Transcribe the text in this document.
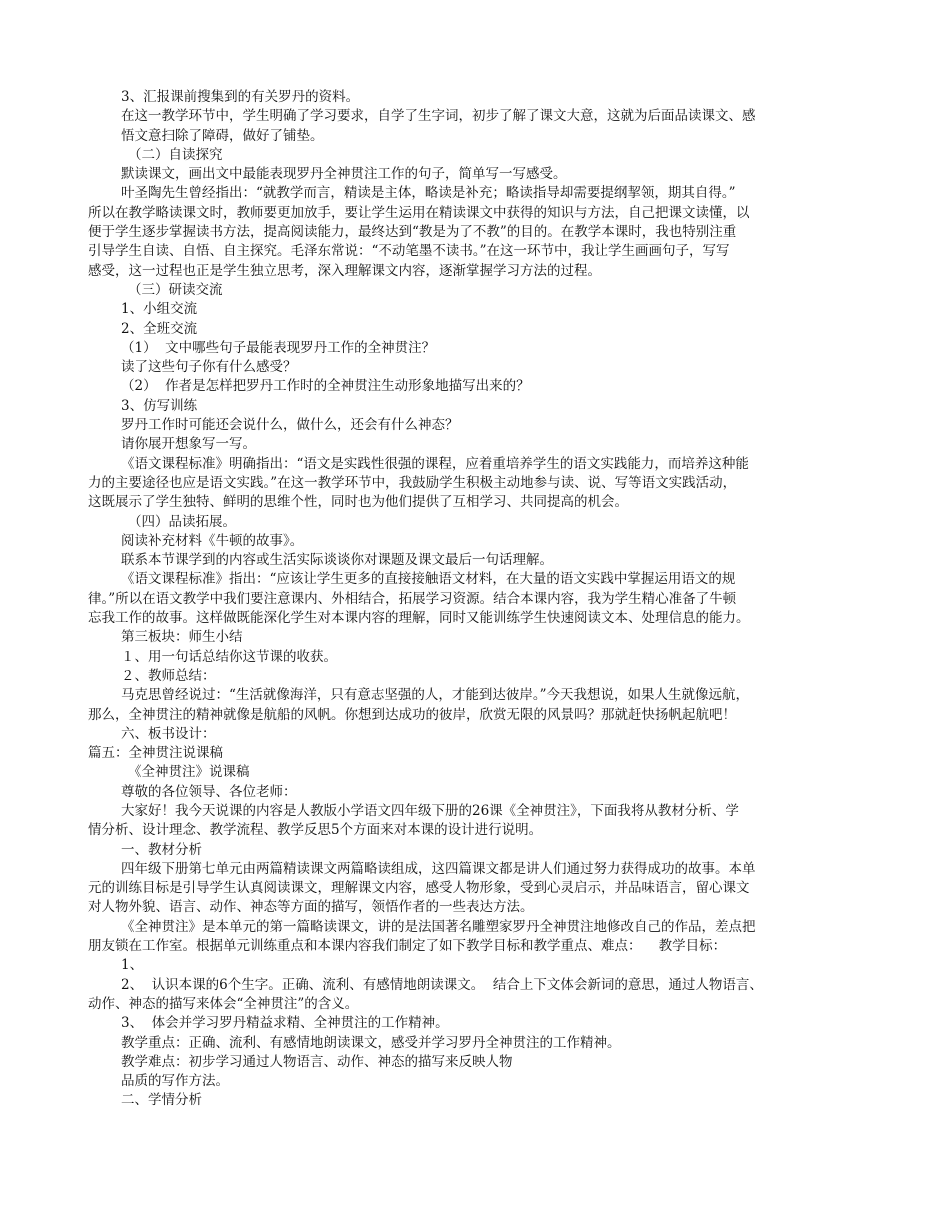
3、汇报课前搜集到的有关罗丹的资料。

在这一教学环节中，学生明确了学习要求，自学了生字词，初步了解了课文大意，这就为后面品读课文、感

悟文意扫除了障碍，做好了铺垫。

（二）自读探究

默读课文，画出文中最能表现罗丹全神贯注工作的句子，简单写一写感受。

叶圣陶先生曾经指出：“就教学而言，精读是主体，略读是补充；略读指导却需要提纲挈领，期其自得。”

所以在教学略读课文时，教师要更加放手，要让学生运用在精读课文中获得的知识与方法，自己把课文读懂，以

便于学生逐步掌握读书方法，提高阅读能力，最终达到“教是为了不教”的目的。在教学本课时，我也特别注重

引导学生自读、自悟、自主探究。毛泽东常说：“不动笔墨不读书。”在这一环节中，我让学生画画句子，写写

感受，这一过程也正是学生独立思考，深入理解课文内容，逐渐掌握学习方法的过程。

（三）研读交流

1、小组交流

2、全班交流

（1）  文中哪些句子最能表现罗丹工作的全神贯注？

读了这些句子你有什么感受？

（2）  作者是怎样把罗丹工作时的全神贯注生动形象地描写出来的？

3、仿写训练

罗丹工作时可能还会说什么，做什么，还会有什么神态？

请你展开想象写一写。

《语文课程标准》明确指出：“语文是实践性很强的课程，应着重培养学生的语文实践能力，而培养这种能

力的主要途径也应是语文实践。”在这一教学环节中，我鼓励学生积极主动地参与读、说、写等语文实践活动，

这既展示了学生独特、鲜明的思维个性，同时也为他们提供了互相学习、共同提高的机会。

（四）品读拓展。

阅读补充材料《牛顿的故事》。

联系本节课学到的内容或生活实际谈谈你对课题及课文最后一句话理解。

《语文课程标准》指出：“应该让学生更多的直接接触语文材料，在大量的语文实践中掌握运用语文的规

律。”所以在语文教学中我们要注意课内、外相结合，拓展学习资源。结合本课内容，我为学生精心准备了牛顿

忘我工作的故事。这样做既能深化学生对本课内容的理解，同时又能训练学生快速阅读文本、处理信息的能力。

第三板块：师生小结

１、用一句话总结你这节课的收获。

２、教师总结：

马克思曾经说过：“生活就像海洋，只有意志坚强的人，才能到达彼岸。”今天我想说，如果人生就像远航，

那么，全神贯注的精神就像是航船的风帆。你想到达成功的彼岸，欣赏无限的风景吗？那就赶快扬帆起航吧！

六、板书设计：

篇五：全神贯注说课稿

《全神贯注》说课稿

尊敬的各位领导、各位老师：

大家好！我今天说课的内容是人教版小学语文四年级下册的26课《全神贯注》，下面我将从教材分析、学

情分析、设计理念、教学流程、教学反思5个方面来对本课的设计进行说明。

一、教材分析

四年级下册第七单元由两篇精读课文两篇略读组成，这四篇课文都是讲人们通过努力获得成功的故事。本单

元的训练目标是引导学生认真阅读课文，理解课文内容，感受人物形象，受到心灵启示，并品味语言，留心课文

对人物外貌、语言、动作、神态等方面的描写，领悟作者的一些表达方法。

《全神贯注》是本单元的第一篇略读课文，讲的是法国著名雕塑家罗丹全神贯注地修改自己的作品，差点把

朋友锁在工作室。根据单元训练重点和本课内容我们制定了如下教学目标和教学重点、难点：    教学目标：

1、

2、  认识本课的6个生字。正确、流利、有感情地朗读课文。  结合上下文体会新词的意思，通过人物语言、

动作、神态的描写来体会“全神贯注”的含义。

3、  体会并学习罗丹精益求精、全神贯注的工作精神。

教学重点：正确、流利、有感情地朗读课文，感受并学习罗丹全神贯注的工作精神。

教学难点：初步学习通过人物语言、动作、神态的描写来反映人物

品质的写作方法。

二、学情分析
